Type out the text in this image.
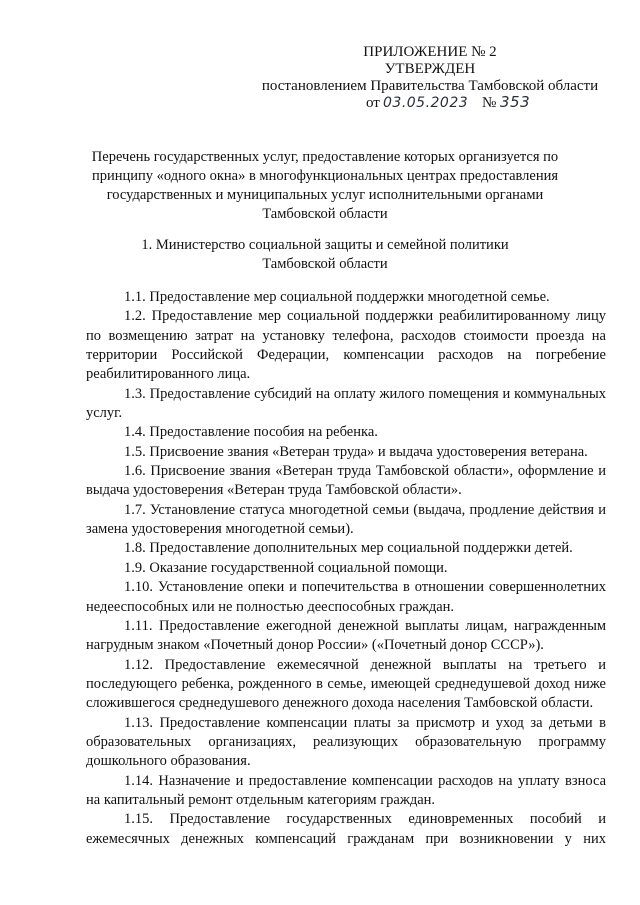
ПРИЛОЖЕНИЕ № 2
УТВЕРЖДЕН
постановлением Правительства Тамбовской области
от 03.05.2023 № 353
Перечень государственных услуг, предоставление которых организуется по принципу «одного окна» в многофункциональных центрах предоставления государственных и муниципальных услуг исполнительными органами Тамбовской области
1. Министерство социальной защиты и семейной политики
Тамбовской области

1.1. Предоставление мер социальной поддержки многодетной семье.

1.2. Предоставление мер социальной поддержки реабилитированному лицу по возмещению затрат на установку телефона, расходов стоимости проезда на территории Российской Федерации, компенсации расходов на погребение реабилитированного лица.

1.3. Предоставление субсидий на оплату жилого помещения и коммунальных услуг.

1.4. Предоставление пособия на ребенка.

1.5. Присвоение звания «Ветеран труда» и выдача удостоверения ветерана.

1.6. Присвоение звания «Ветеран труда Тамбовской области», оформление и выдача удостоверения «Ветеран труда Тамбовской области».

1.7. Установление статуса многодетной семьи (выдача, продление действия и замена удостоверения многодетной семьи).

1.8. Предоставление дополнительных мер социальной поддержки детей.

1.9. Оказание государственной социальной помощи.

1.10. Установление опеки и попечительства в отношении совершеннолетних недееспособных или не полностью дееспособных граждан.

1.11. Предоставление ежегодной денежной выплаты лицам, награжденным нагрудным знаком «Почетный донор России» («Почетный донор СССР»).

1.12. Предоставление ежемесячной денежной выплаты на третьего и последующего ребенка, рожденного в семье, имеющей среднедушевой доход ниже сложившегося среднедушевого денежного дохода населения Тамбовской области.

1.13. Предоставление компенсации платы за присмотр и уход за детьми в образовательных организациях, реализующих образовательную программу дошкольного образования.

1.14. Назначение и предоставление компенсации расходов на уплату взноса на капитальный ремонт отдельным категориям граждан.

1.15. Предоставление государственных единовременных пособий и ежемесячных денежных компенсаций гражданам при возникновении у них
